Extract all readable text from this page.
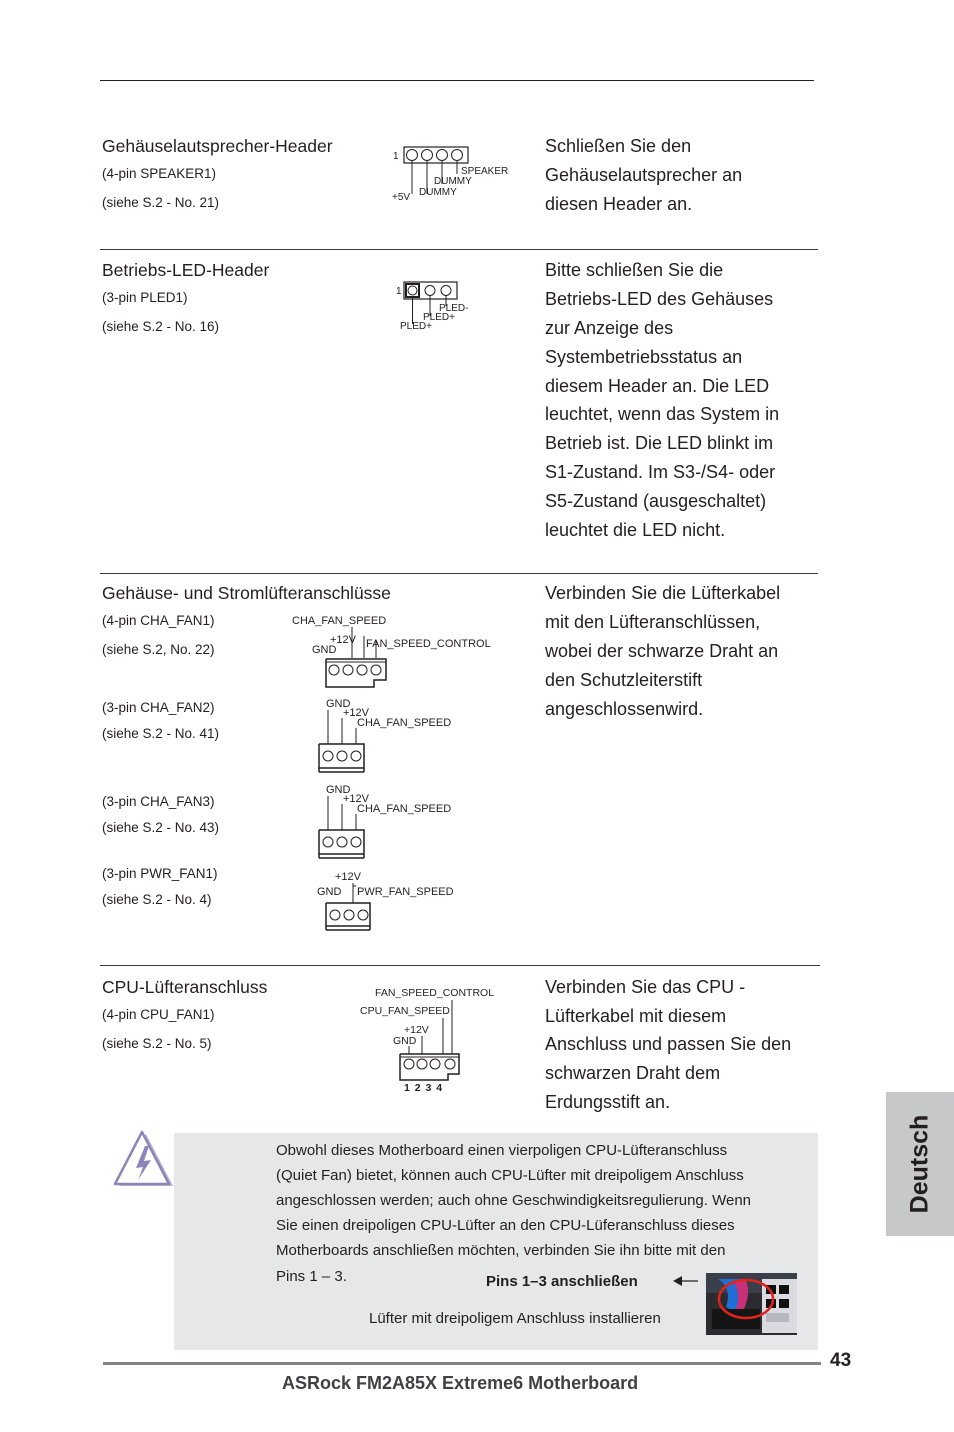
Gehäuselautsprecher-Header
(4-pin SPEAKER1)
(siehe S.2 - No. 21)
1
SPEAKER
DUMMY
DUMMY
+5V
Schließen Sie den
Gehäuselautsprecher an
diesen Header an.
Betriebs-LED-Header
(3-pin PLED1)
(siehe S.2 - No. 16)
1
PLED-
PLED+
PLED+
Bitte schließen Sie die
Betriebs-LED des Gehäuses
zur Anzeige des
Systembetriebsstatus an
diesem Header an. Die LED
leuchtet, wenn das System in
Betrieb ist. Die LED blinkt im
S1-Zustand. Im S3-/S4- oder
S5-Zustand (ausgeschaltet)
leuchtet die LED nicht.
Gehäuse- und Stromlüfteranschlüsse
(4-pin CHA_FAN1)
(siehe S.2, No. 22)
CHA_FAN_SPEED
+12V
GND	FAN_SPEED_CONTROL
(3-pin CHA_FAN2)
(siehe S.2 - No. 41)
GND
+12V
CHA_FAN_SPEED
(3-pin CHA_FAN3)
(siehe S.2 - No. 43)
GND
+12V
CHA_FAN_SPEED
(3-pin PWR_FAN1)
(siehe S.2 - No. 4)
+12V
GND PWR_FAN_SPEED
Verbinden Sie die Lüfterkabel
mit den Lüfteranschlüssen,
wobei der schwarze Draht an
den Schutzleiterstift
angeschlossenwird.
CPU-Lüfteranschluss
(4-pin CPU_FAN1)
(siehe S.2 - No. 5)
FAN_SPEED_CONTROL
CPU_FAN_SPEED
+12V
GND
1 2 3 4
Verbinden Sie das CPU -
Lüfterkabel mit diesem
Anschluss und passen Sie den
schwarzen Draht dem
Erdungsstift an.
Obwohl dieses Motherboard einen vierpoligen CPU-Lüfteranschluss
(Quiet Fan) bietet, können auch CPU-Lüfter mit dreipoligem Anschluss
angeschlossen werden; auch ohne Geschwindigkeitsregulierung. Wenn
Sie einen dreipoligen CPU-Lüfter an den CPU-Lüferanschluss dieses
Motherboards anschließen möchten, verbinden Sie ihn bitte mit den
Pins 1 – 3.	Pins 1–3 anschließen
Lüfter mit dreipoligem Anschluss installieren
Deutsch
43
ASRock FM2A85X Extreme6 Motherboard
